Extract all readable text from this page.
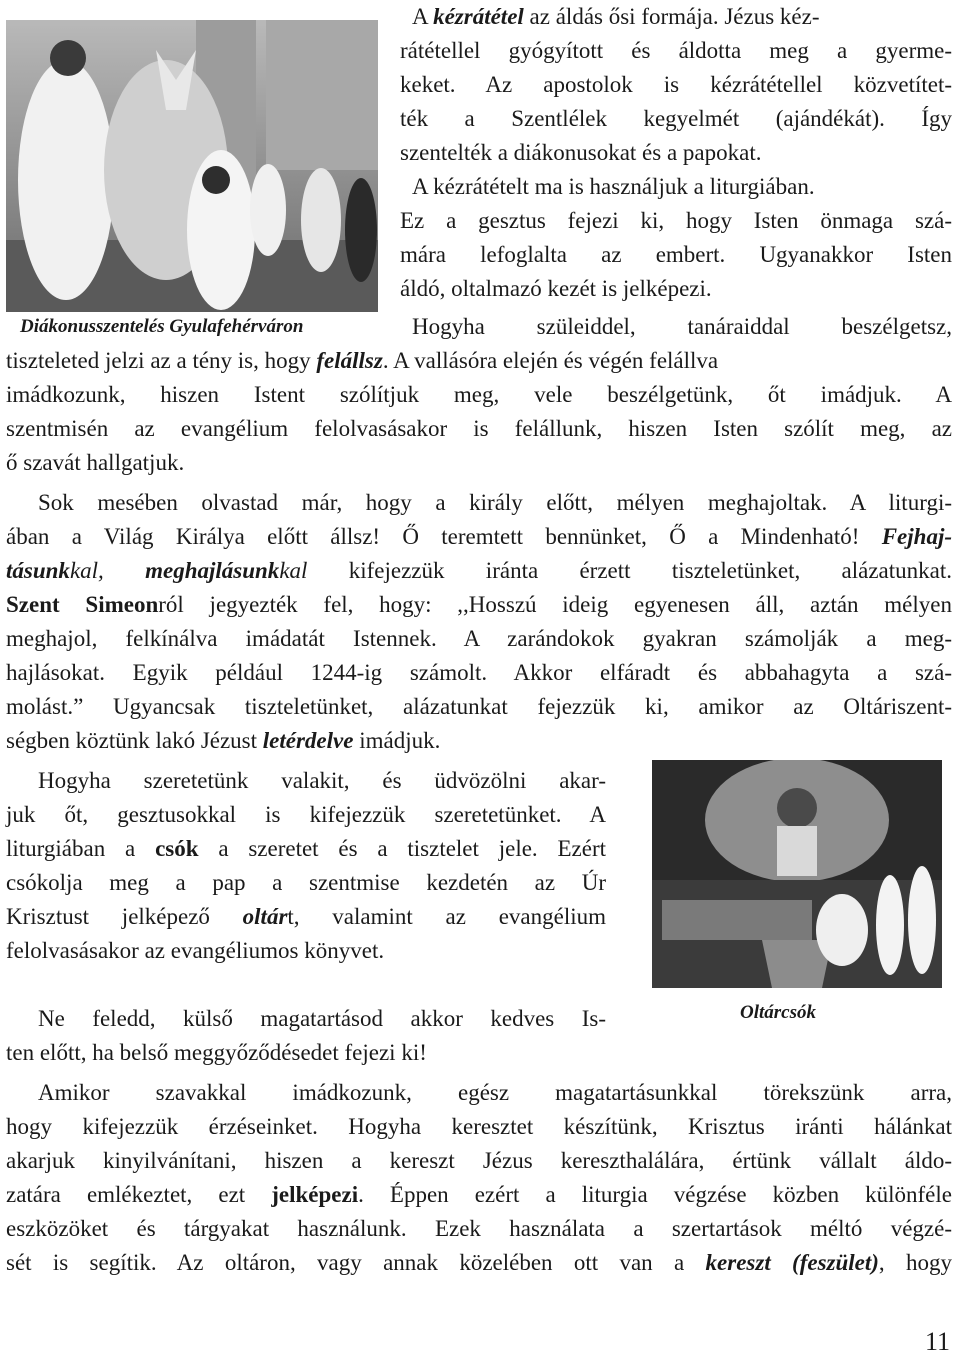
Diákonusszentelés Gyulafehérváron
Oltárcsók
A kézrátétel az áldás ősi formája. Jézus kéz-
rátétellel gyógyított és áldotta meg a gyerme-
keket. Az apostolok is kézrátétellel közvetítet-
ték a Szentlélek kegyelmét (ajándékát). Így
szentelték a diákonusokat és a papokat.
A kézrátételt ma is használjuk a liturgiában.
Ez a gesztus fejezi ki, hogy Isten önmaga szá-
mára lefoglalta az embert. Ugyanakkor Isten
áldó, oltalmazó kezét is jelképezi.
Hogyha szüleiddel, tanáraiddal beszélgetsz,
tiszteleted jelzi az a tény is, hogy felállsz. A vallásóra elején és végén felállva
imádkozunk, hiszen Istent szólítjuk meg, vele beszélgetünk, őt imádjuk. A
szentmisén az evangélium felolvasásakor is felállunk, hiszen Isten szólít meg, az
ő szavát hallgatjuk.
Sok mesében olvastad már, hogy a király előtt, mélyen meghajoltak. A liturgi-
ában a Világ Királya előtt állsz! Ő teremtett bennünket, Ő a Mindenható! Fejhaj-
tásunkkal, meghajlásunkkal kifejezzük iránta érzett tiszteletünket, alázatunkat.
Szent Simeonról jegyezték fel, hogy: ,,Hosszú ideig egyenesen áll, aztán mélyen
meghajol, felkínálva imádatát Istennek. A zarándokok gyakran számolják a meg-
hajlásokat. Egyik például 1244-ig számolt. Akkor elfáradt és abbahagyta a szá-
molást.” Ugyancsak tiszteletünket, alázatunkat fejezzük ki, amikor az Oltáriszent-
ségben köztünk lakó Jézust letérdelve imádjuk.
Hogyha szeretetünk valakit, és üdvözölni akar-
juk őt, gesztusokkal is kifejezzük szeretetünket. A
liturgiában a csók a szeretet és a tisztelet jele. Ezért
csókolja meg a pap a szentmise kezdetén az Úr
Krisztust jelképező oltárt, valamint az evangélium
felolvasásakor az evangéliumos könyvet.
Ne feledd, külső magatartásod akkor kedves Is-
ten előtt, ha belső meggyőződésedet fejezi ki!
Amikor szavakkal imádkozunk, egész magatartásunkkal törekszünk arra,
hogy kifejezzük érzéseinket. Hogyha keresztet készítünk, Krisztus iránti hálánkat
akarjuk kinyilvánítani, hiszen a kereszt Jézus kereszthalálára, értünk vállalt áldo-
zatára emlékeztet, ezt jelképezi. Éppen ezért a liturgia végzése közben különféle
eszközöket és tárgyakat használunk. Ezek használata a szertartások méltó végzé-
sét is segítik. Az oltáron, vagy annak közelében ott van a kereszt (feszület), hogy
11
